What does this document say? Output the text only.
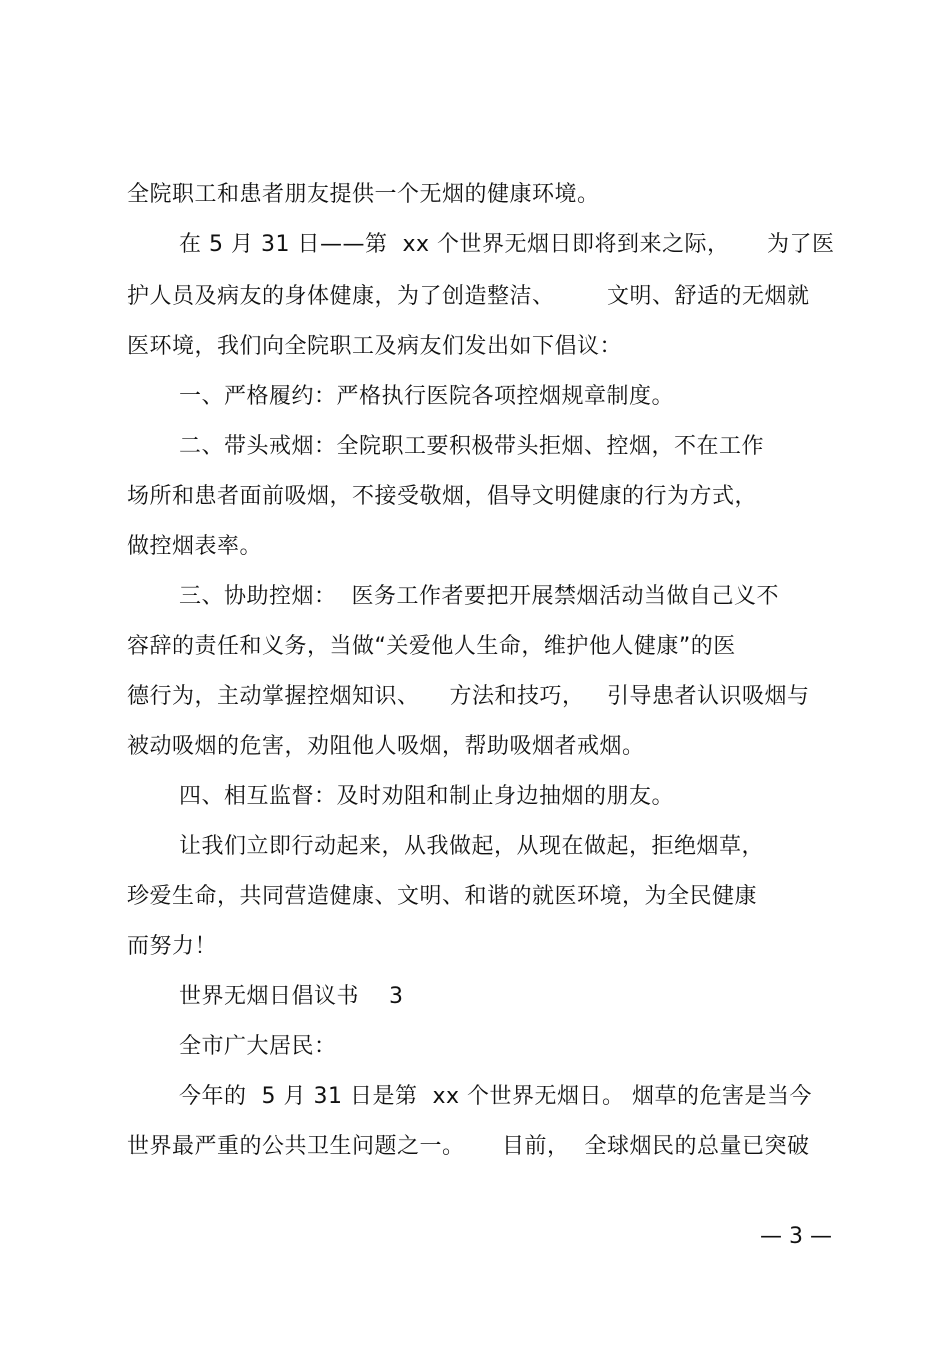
全院职工和患者朋友提供一个无烟的健康环境。
在 5 月 31 日——第  xx 个世界无烟日即将到来之际，     为了医
护人员及病友的身体健康，为了创造整洁、       文明、舒适的无烟就
医环境，我们向全院职工及病友们发出如下倡议：
一、严格履约：严格执行医院各项控烟规章制度。
二、带头戒烟：全院职工要积极带头拒烟、控烟，不在工作
场所和患者面前吸烟，不接受敬烟，倡导文明健康的行为方式，
做控烟表率。
三、协助控烟：  医务工作者要把开展禁烟活动当做自己义不
容辞的责任和义务，当做“关爱他人生命，维护他人健康”的医
德行为，主动掌握控烟知识、    方法和技巧，   引导患者认识吸烟与
被动吸烟的危害，劝阻他人吸烟，帮助吸烟者戒烟。
四、相互监督：及时劝阻和制止身边抽烟的朋友。
让我们立即行动起来，从我做起，从现在做起，拒绝烟草，
珍爱生命，共同营造健康、文明、和谐的就医环境，为全民健康
而努力！
世界无烟日倡议书    3
全市广大居民：
今年的  5 月 31 日是第  xx 个世界无烟日。 烟草的危害是当今
世界最严重的公共卫生问题之一。     目前，  全球烟民的总量已突破
— 3 —
